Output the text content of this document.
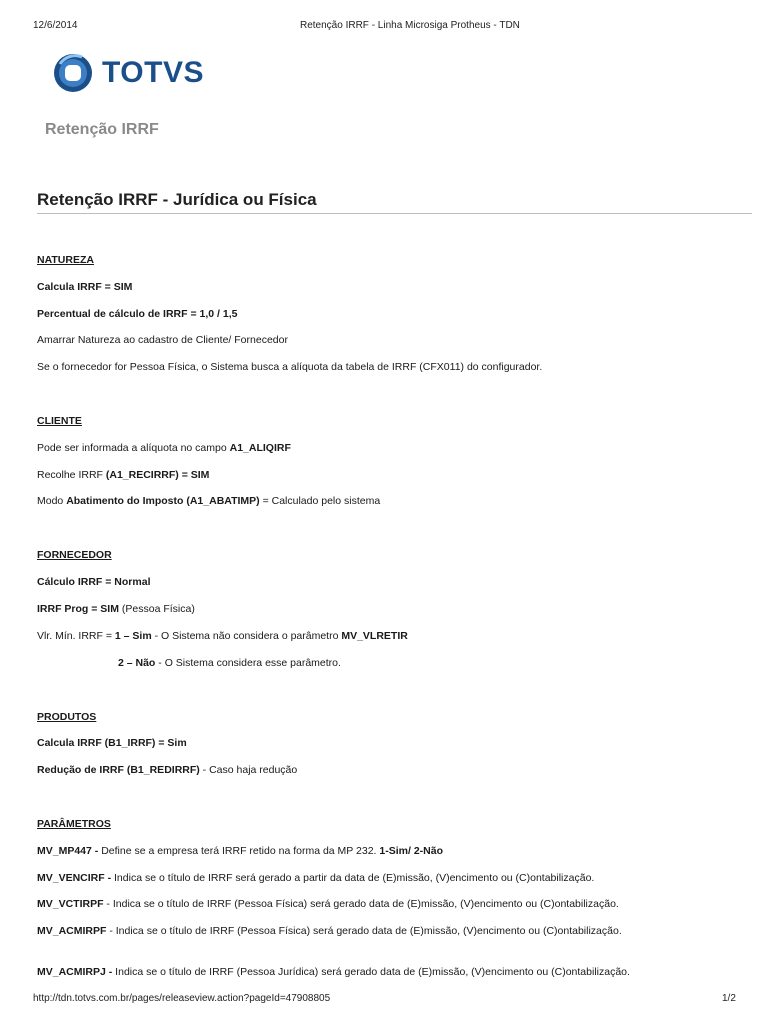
12/6/2014	Retenção IRRF - Linha Microsiga Protheus - TDN
TOTVS
Retenção IRRF
Retenção IRRF - Jurídica ou Física
NATUREZA
Calcula IRRF = SIM
Percentual de cálculo de IRRF = 1,0 / 1,5
Amarrar Natureza ao cadastro de Cliente/ Fornecedor
Se o fornecedor for Pessoa Física, o Sistema busca a alíquota da tabela de IRRF (CFX011) do configurador.
CLIENTE
Pode ser informada a alíquota no campo A1_ALIQIRF
Recolhe IRRF (A1_RECIRRF) = SIM
Modo Abatimento do Imposto (A1_ABATIMP) = Calculado pelo sistema
FORNECEDOR
Cálculo IRRF = Normal
IRRF Prog = SIM (Pessoa Física)
Vlr. Mín. IRRF = 1 – Sim - O Sistema não considera o parâmetro MV_VLRETIR
2 – Não - O Sistema considera esse parâmetro.
PRODUTOS
Calcula IRRF (B1_IRRF) = Sim
Redução de IRRF (B1_REDIRRF) - Caso haja redução
PARÂMETROS
MV_MP447 - Define se a empresa terá IRRF retido na forma da MP 232. 1-Sim/ 2-Não
MV_VENCIRF - Indica se o título de IRRF será gerado a partir da data de (E)missão, (V)encimento ou (C)ontabilização.
MV_VCTIRPF - Indica se o título de IRRF (Pessoa Física) será gerado data de (E)missão, (V)encimento ou (C)ontabilização.
MV_ACMIRPF - Indica se o título de IRRF (Pessoa Física) será gerado data de (E)missão, (V)encimento ou (C)ontabilização.
MV_ACMIRPJ - Indica se o título de IRRF (Pessoa Jurídica) será gerado data de (E)missão, (V)encimento ou (C)ontabilização.
http://tdn.totvs.com.br/pages/releaseview.action?pageId=47908805	1/2
